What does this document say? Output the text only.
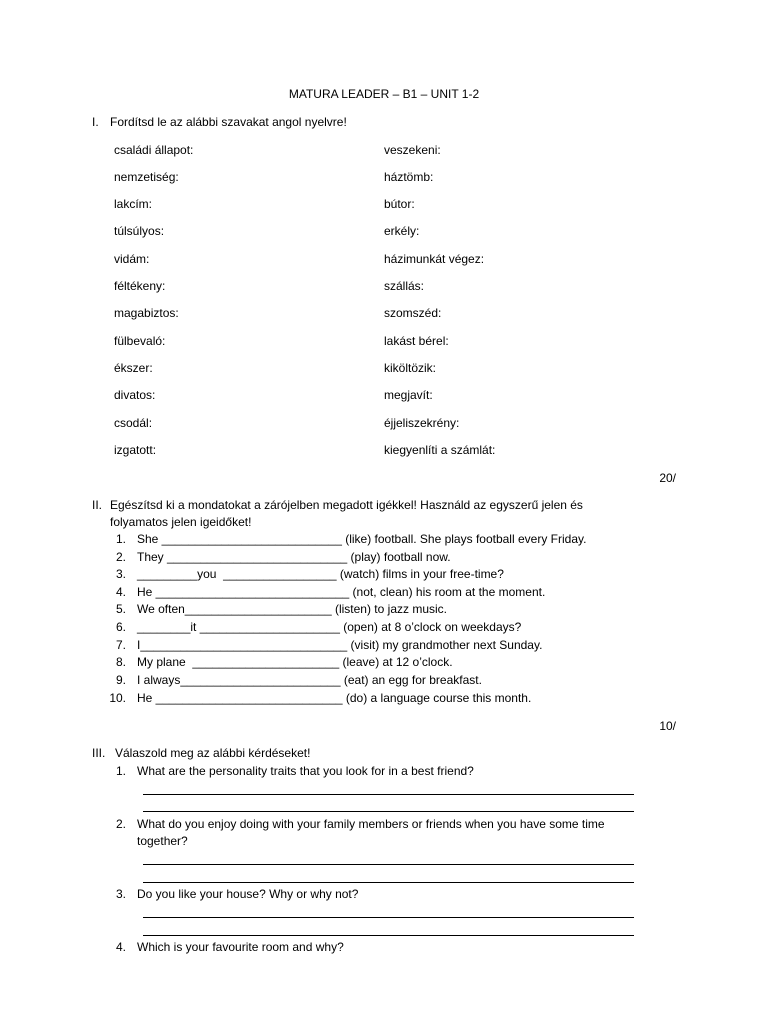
MATURA LEADER – B1 – UNIT 1-2
I. Fordítsd le az alábbi szavakat angol nyelvre!
családi állapot:
nemzetiség:
lakcím:
túlsúlyos:
vidám:
féltékeny:
magabiztos:
fülbevaló:
ékszer:
divatos:
csodál:
izgatott:
veszekeni:
háztömb:
bútor:
erkély:
házimunkát végez:
szállás:
szomszéd:
lakást bérel:
kiköltözik:
megjavít:
éjjeliszekrény:
kiegyenlíti a számlát:
20/
II. Egészítsd ki a mondatokat a zárójelben megadott igékkel! Használd az egyszerű jelen és
folyamatos jelen igeidőket!
1. She ___________________________ (like) football. She plays football every Friday.
2. They ___________________________ (play) football now.
3. _________you  _________________ (watch) films in your free-time?
4. He _____________________________ (not, clean) his room at the moment.
5. We often______________________ (listen) to jazz music.
6. ________it _____________________ (open) at 8 o’clock on weekdays?
7. I_______________________________ (visit) my grandmother next Sunday.
8. My plane  ______________________ (leave) at 12 o’clock.
9. I always________________________ (eat) an egg for breakfast.
10. He ____________________________ (do) a language course this month.
10/
III. Válaszold meg az alábbi kérdéseket!
1. What are the personality traits that you look for in a best friend?
2. What do you enjoy doing with your family members or friends when you have some time
together?
3. Do you like your house? Why or why not?
4. Which is your favourite room and why?
